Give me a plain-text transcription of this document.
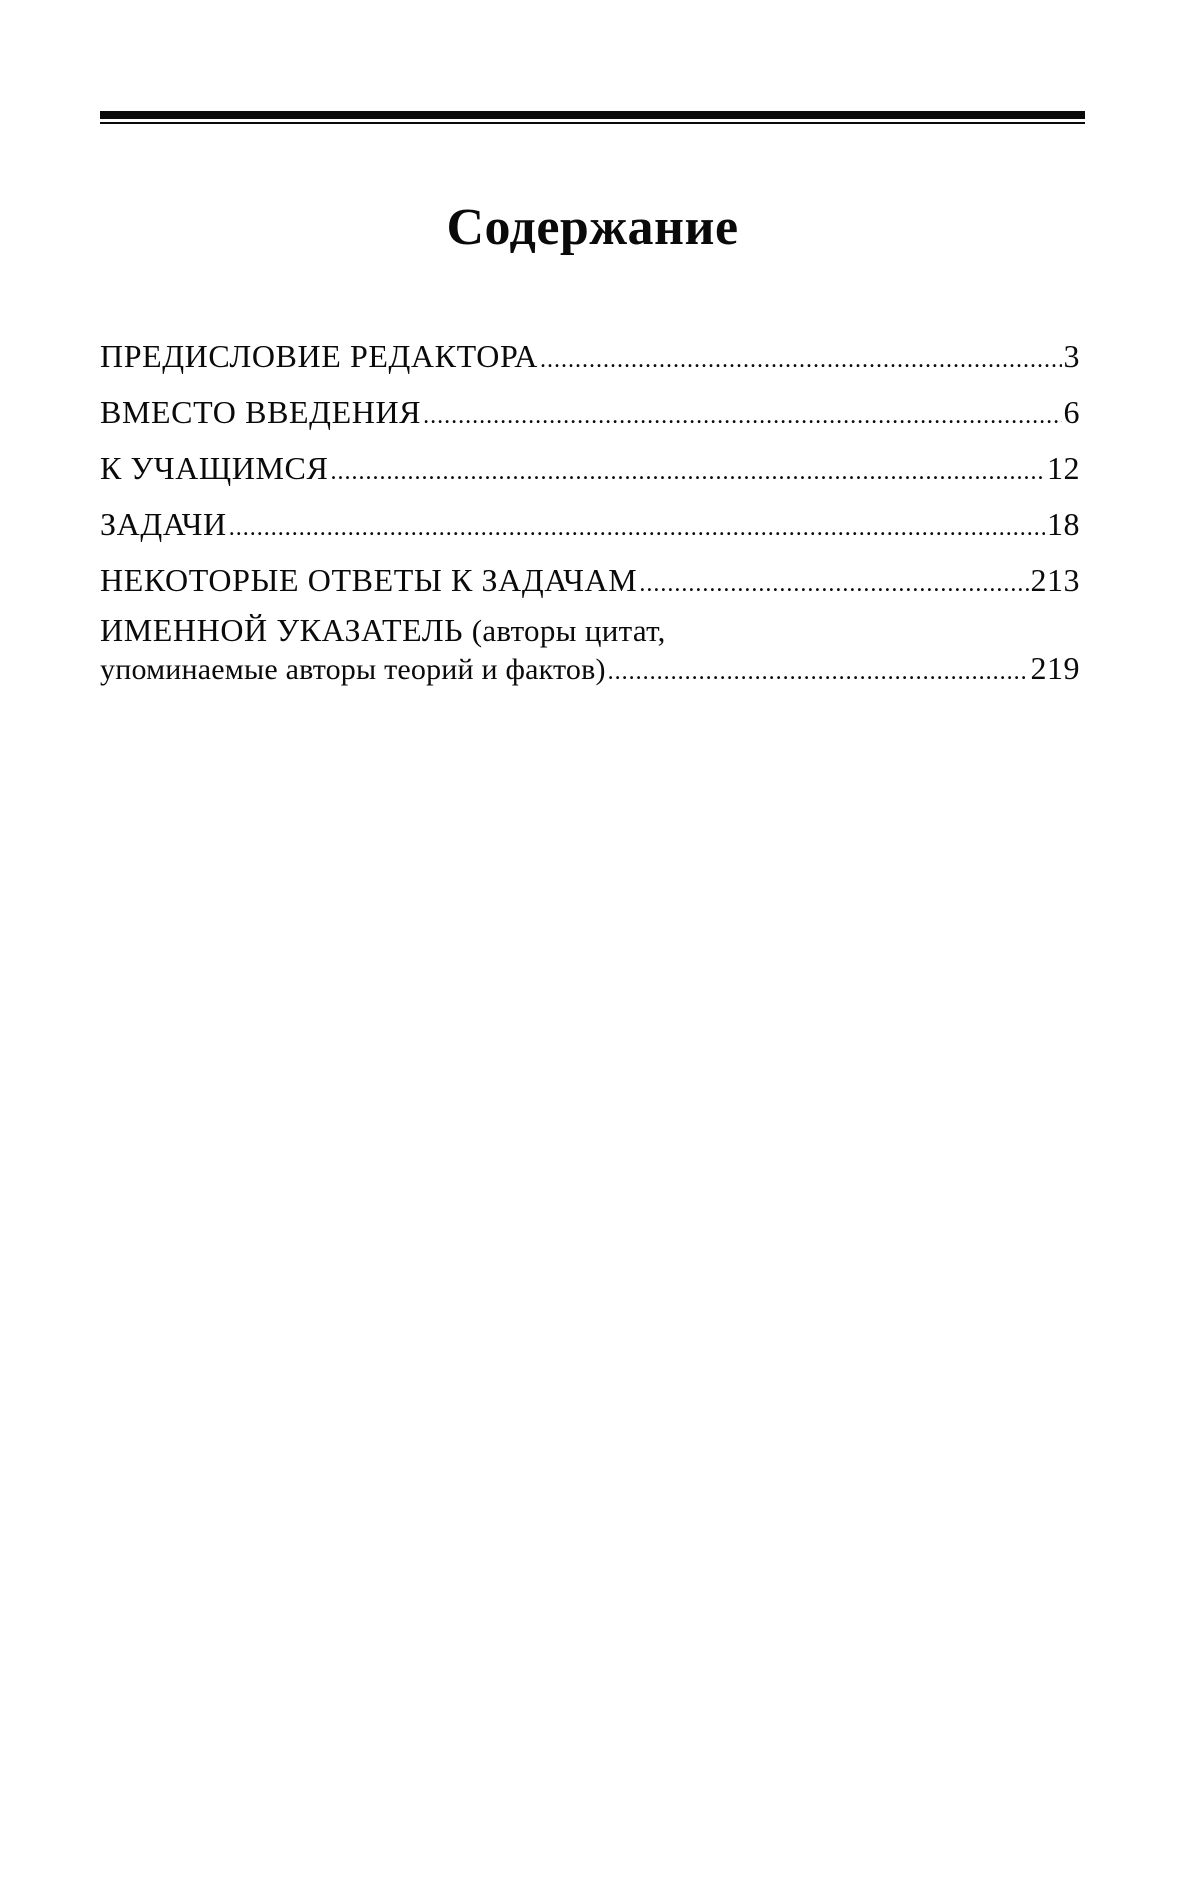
Содержание
ПРЕДИСЛОВИЕ РЕДАКТОРА .....	3
ВМЕСТО ВВЕДЕНИЯ .....	6
К УЧАЩИМСЯ .....	12
ЗАДАЧИ .....	18
НЕКОТОРЫЕ ОТВЕТЫ К ЗАДАЧАМ .....	213
ИМЕННОЙ УКАЗАТЕЛЬ (авторы цитат,
упоминаемые авторы теорий и фактов) .....	219
